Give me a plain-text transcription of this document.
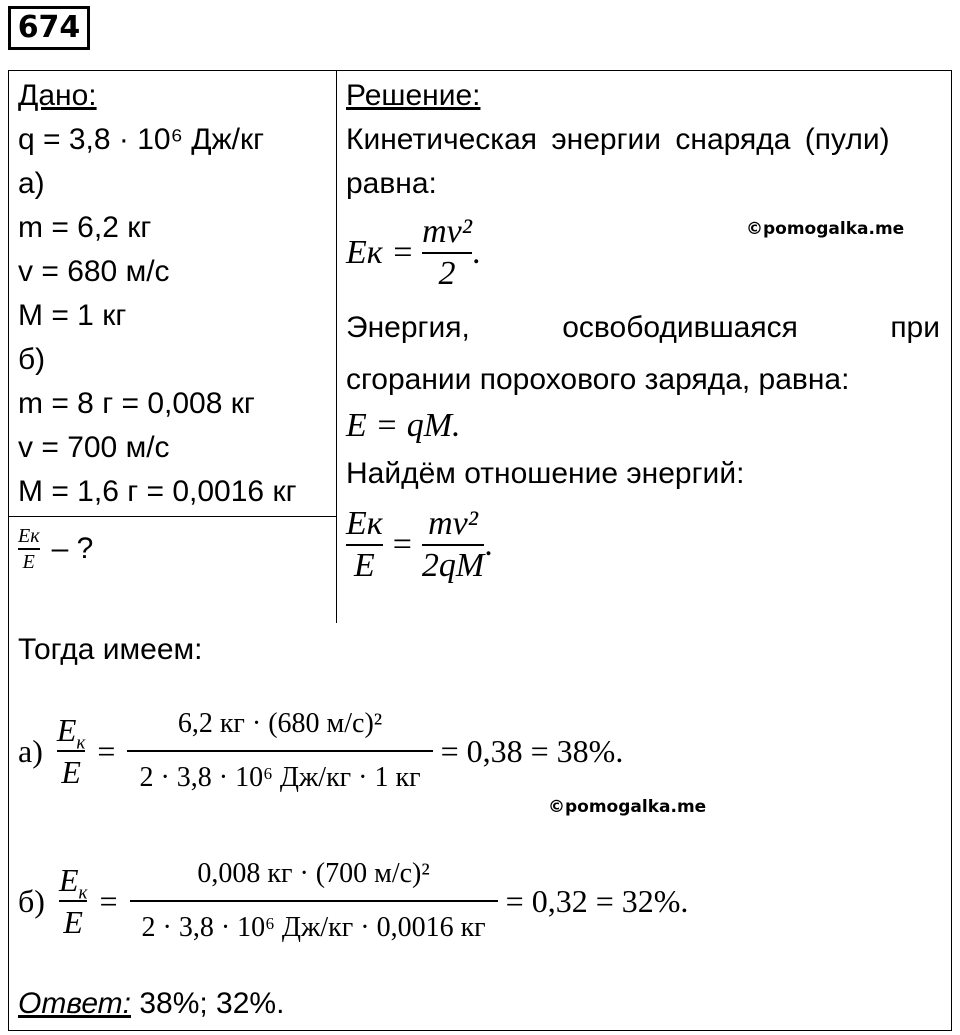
674
Дано:
q = 3,8 · 10⁶ Дж/кг
а)
m = 6,2 кг
v = 680 м/с
M = 1 кг
б)
m = 8 г = 0,008 кг
v = 700 м/с
M = 1,6 г = 0,0016 кг
$\frac{Eк}{E}$ – ?
Решение:
Кинетическая энергии снаряда (пули)
равна:
©pomogalka.me
Eк = $\frac{\text{mv²}}{2}$ .
Энергия,	освободившаяся	при
сгорании порохового заряда, равна:
E = qM.
Найдём отношение энергий:
$\frac{Eк}{E} = \frac{\text{mv²}}{2qM}$ .
Тогда имеем:
$а) \frac{E_к}{E} = \frac{\text{6,2 кг · (680 м/с)²}}{\text{2 · 3,8 · 10⁶ Дж/кг · 1 кг}} = 0,38 = 38\%$.
©pomogalka.me
$б) \frac{E_к}{E} = \frac{\text{0,008 кг · (700 м/с)²}}{\text{2 · 3,8 · 10⁶ Дж/кг · 0,0016 кг}} = 0,32 = 32\%$.
Ответ: 38%; 32%.
